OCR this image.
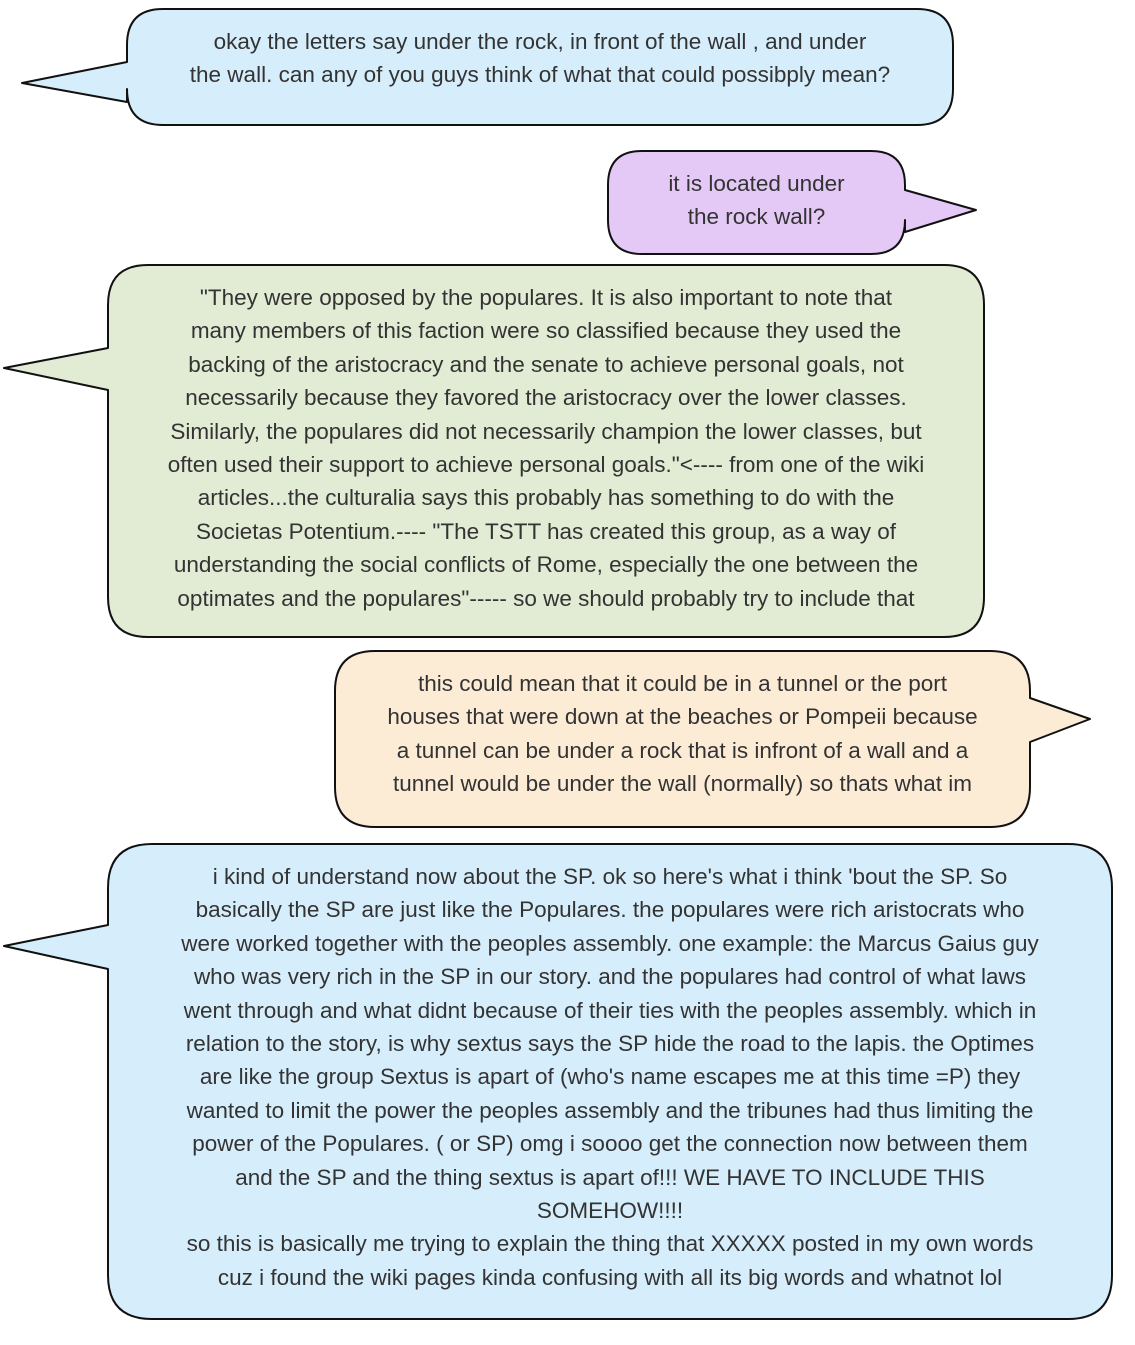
okay the letters say under the rock, in front of the wall , and under
the wall. can any of you guys think of what that could possibply mean?
it is located under
the rock wall?
"They were opposed by the populares. It is also important to note that
many members of this faction were so classified because they used the
backing of the aristocracy and the senate to achieve personal goals, not
necessarily because they favored the aristocracy over the lower classes.
Similarly, the populares did not necessarily champion the lower classes, but
often used their support to achieve personal goals."<---- from one of the wiki
articles...the culturalia says this probably has something to do with the
Societas Potentium.---- "The TSTT has created this group, as a way of
understanding the social conflicts of Rome, especially the one between the
optimates and the populares"----- so we should probably try to include that
this could mean that it could be in a tunnel or the port
houses that were down at the beaches or Pompeii because
a tunnel can be under a rock that is infront of a wall and a
tunnel would be under the wall (normally) so thats what im
i kind of understand now about the SP. ok so here's what i think 'bout the SP. So
basically the SP are just like the Populares. the populares were rich aristocrats who
were worked together with the peoples assembly. one example: the Marcus Gaius guy
who was very rich in the SP in our story. and the populares had control of what laws
went through and what didnt because of their ties with the peoples assembly. which in
relation to the story, is why sextus says the SP hide the road to the lapis. the Optimes
are like the group Sextus is apart of (who's name escapes me at this time =P) they
wanted to limit the power the peoples assembly and the tribunes had thus limiting the
power of the Populares. ( or SP) omg i soooo get the connection now between them
and the SP and the thing sextus is apart of!!! WE HAVE TO INCLUDE THIS
SOMEHOW!!!!
so this is basically me trying to explain the thing that XXXXX posted in my own words
cuz i found the wiki pages kinda confusing with all its big words and whatnot lol
